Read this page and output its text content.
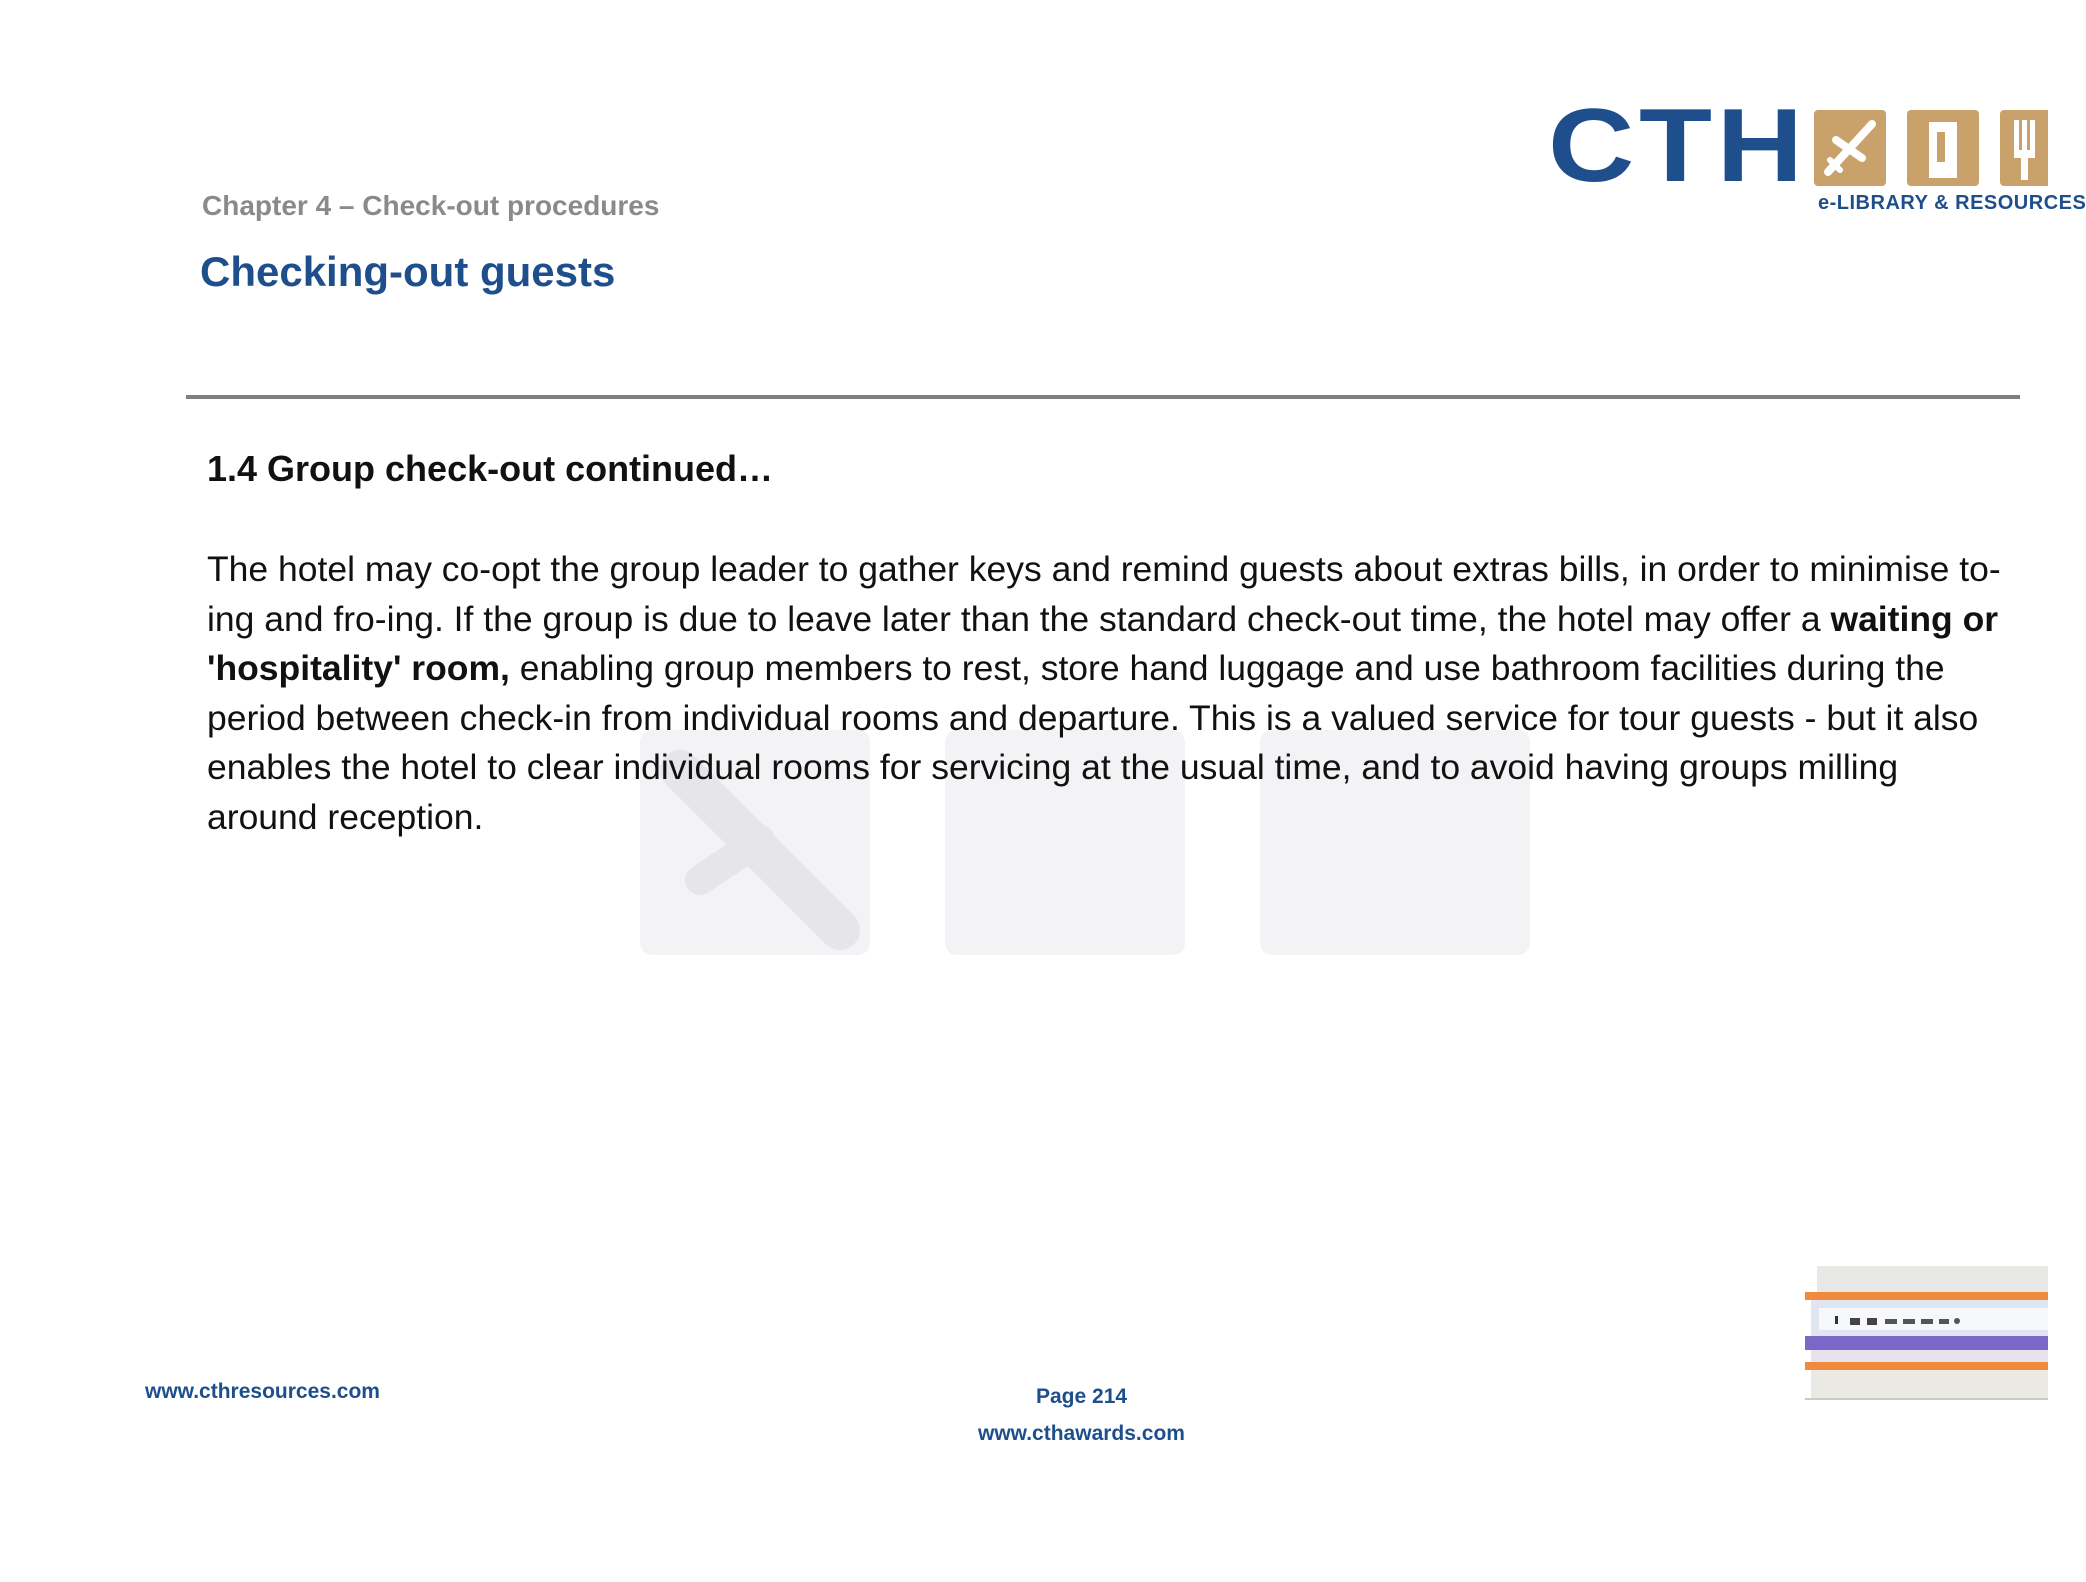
CTH e-LIBRARY & RESOURCES
Chapter 4 – Check-out procedures
Checking-out guests
1.4 Group check-out continued…
The hotel may co-opt the group leader to gather keys and remind guests about extras bills, in order to minimise to-ing and fro-ing. If the group is due to leave later than the standard check-out time, the hotel may offer a waiting or 'hospitality' room, enabling group members to rest, store hand luggage and use bathroom facilities during the period between check-in from individual rooms and departure. This is a valued service for tour guests - but it also enables the hotel to clear individual rooms for servicing at the usual time, and to avoid having groups milling around reception.
www.cthresources.com	Page 214
www.cthawards.com
